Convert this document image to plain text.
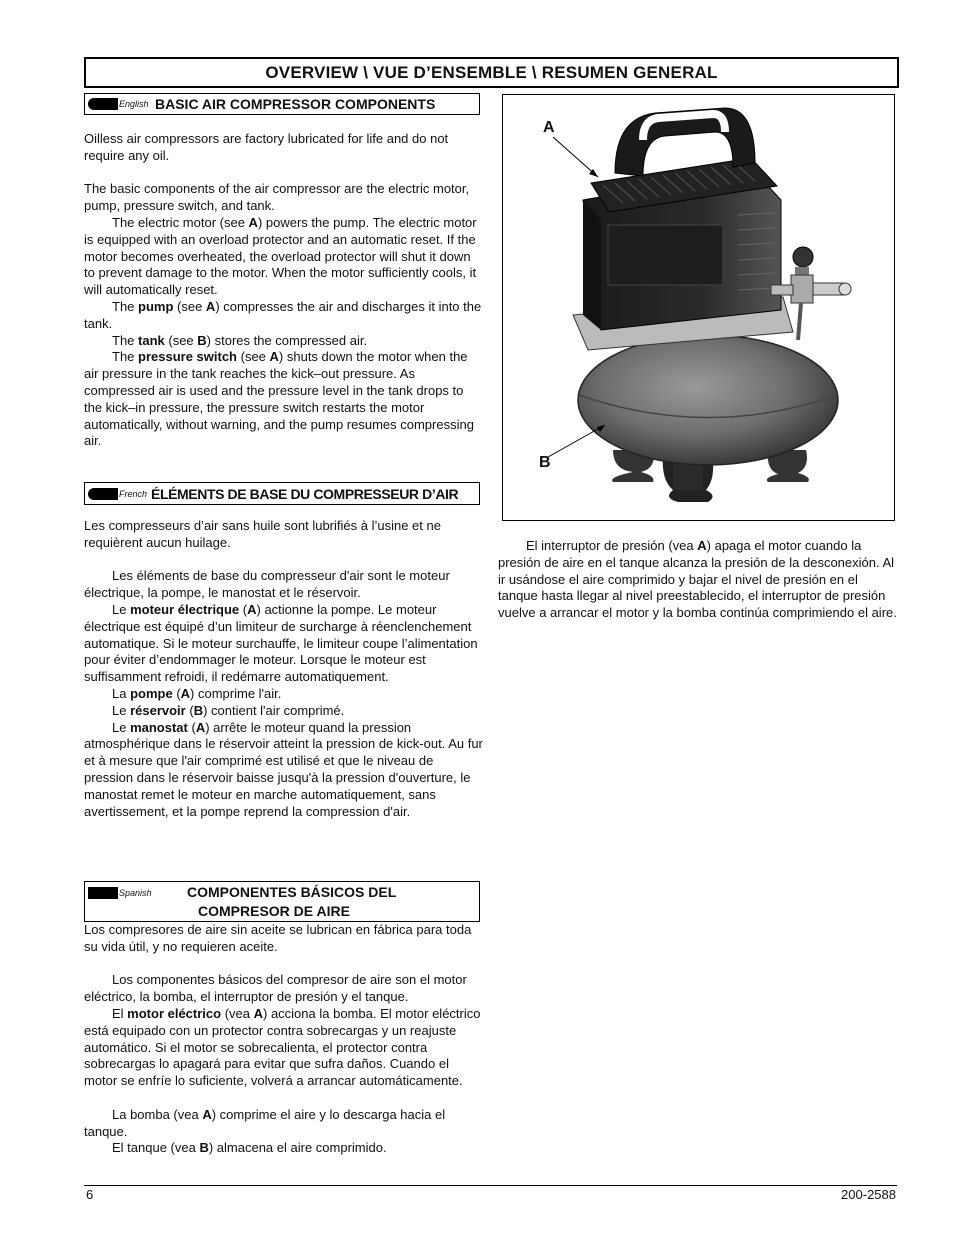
OVERVIEW \ VUE D’ENSEMBLE \ RESUMEN GENERAL
English BASIC AIR COMPRESSOR COMPONENTS

Oilless air compressors are factory lubricated for life and do not require any oil.

The basic components of the air compressor are the electric motor, pump, pressure switch, and tank.

The electric motor (see A) powers the pump. The electric motor is equipped with an overload protector and an automatic reset. If the motor becomes overheated, the overload protector will shut it down to prevent damage to the motor. When the motor sufficiently cools, it will automatically reset.

The pump (see A) compresses the air and discharges it into the tank.

The tank (see B) stores the compressed air.

The pressure switch (see A) shuts down the motor when the air pressure in the tank reaches the kick–out pressure. As compressed air is used and the pressure level in the tank drops to the kick–in pressure, the pressure switch restarts the motor automatically, without warning, and the pump resumes compressing air.

French ÉLÉMENTS DE BASE DU COMPRESSEUR D’AIR

Les compresseurs d’air sans huile sont lubrifiés à l’usine et ne requièrent aucun huilage.

Les éléments de base du compresseur d'air sont le moteur électrique, la pompe, le manostat et le réservoir.

Le moteur électrique (A) actionne la pompe. Le moteur électrique est équipé d’un limiteur de surcharge à réenclenchement automatique. Si le moteur surchauffe, le limiteur coupe l’alimentation pour éviter d’endommager le moteur. Lorsque le moteur est suffisamment refroidi, il redémarre automatiquement.

La pompe (A) comprime l'air.

Le réservoir (B) contient l'air comprimé.

Le manostat (A) arrête le moteur quand la pression atmosphérique dans le réservoir atteint la pression de kick-out. Au fur et à mesure que l'air comprimé est utilisé et que le niveau de pression dans le réservoir baisse jusqu'à la pression d'ouverture, le manostat remet le moteur en marche automatiquement, sans avertissement, et la pompe reprend la compression d'air.

Spanish	COMPONENTES BÁSICOS DEL
COMPRESOR DE AIRE

Los compresores de aire sin aceite se lubrican en fábrica para toda su vida útil, y no requieren aceite.

Los componentes básicos del compresor de aire son el motor eléctrico, la bomba, el interruptor de presión y el tanque.

El motor eléctrico (vea A) acciona la bomba. El motor eléctrico está equipado con un protector contra sobrecargas y un reajuste automático. Si el motor se sobrecalienta, el protector contra sobrecargas lo apagará para evitar que sufra daños. Cuando el motor se enfríe lo suficiente, volverá a arrancar automáticamente.

La bomba (vea A) comprime el aire y lo descarga hacia el tanque.

El tanque (vea B) almacena el aire comprimido.

A
B

El interruptor de presión (vea A) apaga el motor cuando la presión de aire en el tanque alcanza la presión de la desconexión. Al ir usándose el aire comprimido y bajar el nivel de presión en el tanque hasta llegar al nivel preestablecido, el interruptor de presión vuelve a arrancar el motor y la bomba continúa comprimiendo el aire.

6	200-2588
